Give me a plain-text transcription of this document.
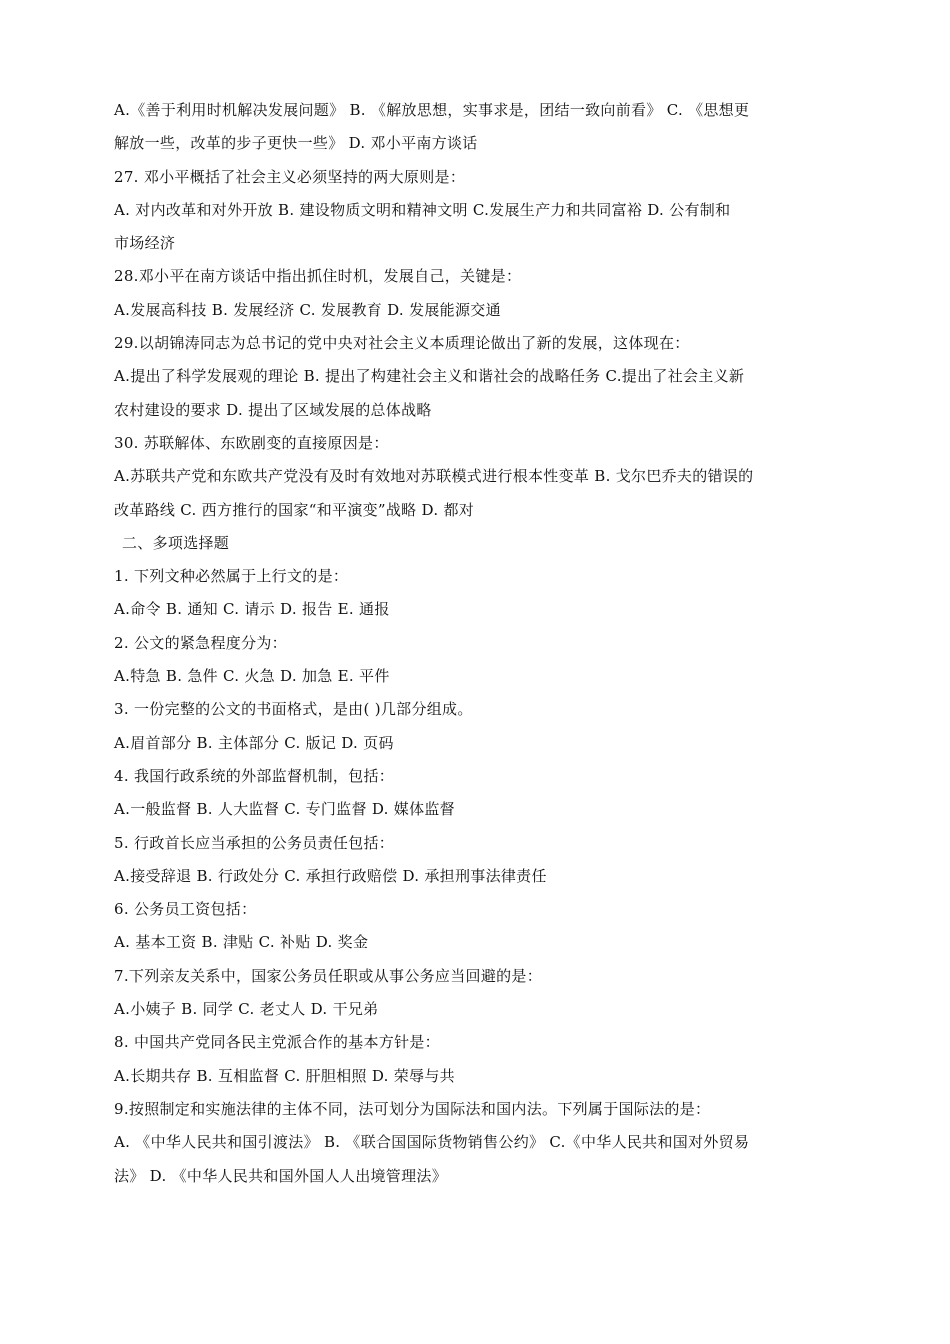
A.《善于利用时机解决发展问题》 B. 《解放思想，实事求是，团结一致向前看》 C. 《思想更
解放一些，改革的步子更快一些》 D. 邓小平南方谈话
27. 邓小平概括了社会主义必须坚持的两大原则是：
A. 对内改革和对外开放 B. 建设物质文明和精神文明 C.发展生产力和共同富裕 D. 公有制和
市场经济
28.邓小平在南方谈话中指出抓住时机，发展自己，关键是：
A.发展高科技 B. 发展经济 C. 发展教育 D. 发展能源交通
29.以胡锦涛同志为总书记的党中央对社会主义本质理论做出了新的发展，这体现在：
A.提出了科学发展观的理论 B. 提出了构建社会主义和谐社会的战略任务 C.提出了社会主义新
农村建设的要求 D. 提出了区域发展的总体战略
30. 苏联解体、东欧剧变的直接原因是：
A.苏联共产党和东欧共产党没有及时有效地对苏联模式进行根本性变革 B. 戈尔巴乔夫的错误的
改革路线 C. 西方推行的国家“和平演变”战略 D. 都对
二、多项选择题
1. 下列文种必然属于上行文的是：
A.命令 B. 通知 C. 请示 D. 报告 E. 通报
2. 公文的紧急程度分为：
A.特急 B. 急件 C. 火急 D. 加急 E. 平件
3. 一份完整的公文的书面格式，是由( )几部分组成。
A.眉首部分 B. 主体部分 C. 版记 D. 页码
4. 我国行政系统的外部监督机制，包括：
A.一般监督 B. 人大监督 C. 专门监督 D. 媒体监督
5. 行政首长应当承担的公务员责任包括：
A.接受辞退 B. 行政处分 C. 承担行政赔偿 D. 承担刑事法律责任
6. 公务员工资包括：
A. 基本工资 B. 津贴 C. 补贴 D. 奖金
7.下列亲友关系中，国家公务员任职或从事公务应当回避的是：
A.小姨子 B. 同学 C. 老丈人 D. 干兄弟
8. 中国共产党同各民主党派合作的基本方针是：
A.长期共存 B. 互相监督 C. 肝胆相照 D. 荣辱与共
9.按照制定和实施法律的主体不同，法可划分为国际法和国内法。下列属于国际法的是：
A. 《中华人民共和国引渡法》 B. 《联合国国际货物销售公约》 C.《中华人民共和国对外贸易
法》 D. 《中华人民共和国外国人人出境管理法》
